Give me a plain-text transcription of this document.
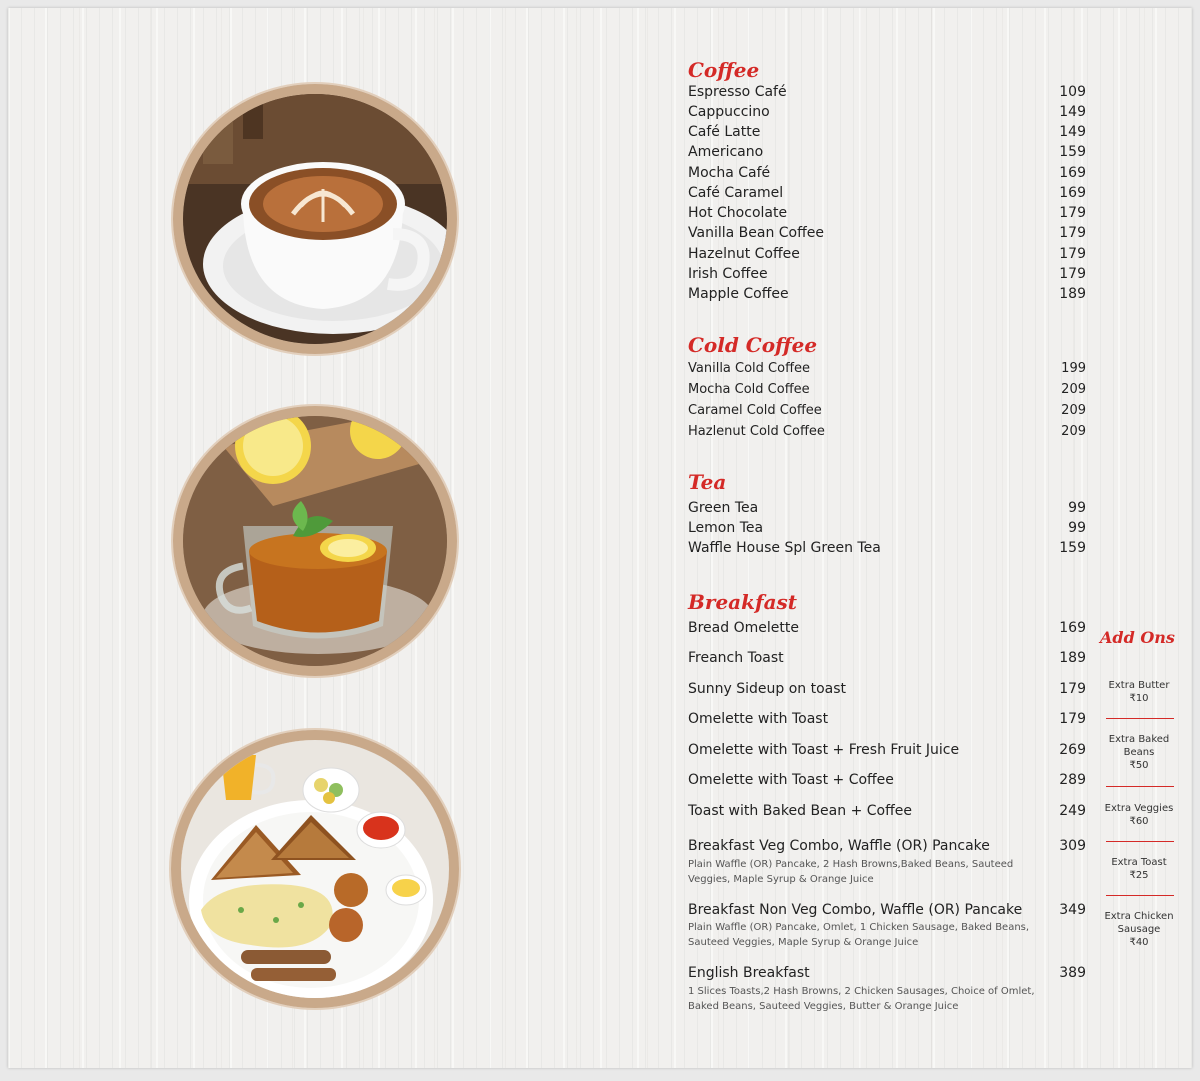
Coffee
Espresso Café	109
Cappuccino	149
Café Latte	149
Americano	159
Mocha Café	169
Café Caramel	169
Hot Chocolate	179
Vanilla Bean Coffee	179
Hazelnut Coffee	179
Irish Coffee	179
Mapple Coffee	189
Cold Coffee
Vanilla Cold Coffee	199
Mocha Cold Coffee	209
Caramel Cold Coffee	209
Hazlenut Cold Coffee	209
Tea
Green Tea	99
Lemon Tea	99
Waffle House Spl Green Tea	159
Breakfast
Bread Omelette	169
Freanch Toast	189
Sunny Sideup on toast	179
Omelette with Toast	179
Omelette with Toast + Fresh Fruit Juice	269
Omelette with Toast + Coffee	289
Toast with Baked Bean + Coffee	249
Breakfast Veg Combo, Waffle (OR) Pancake	309
Plain Waffle (OR) Pancake, 2 Hash Browns,Baked Beans, Sauteed Veggies, Maple Syrup & Orange Juice
Breakfast Non Veg Combo, Waffle (OR) Pancake	349
Plain Waffle (OR) Pancake, Omlet, 1 Chicken Sausage, Baked Beans, Sauteed Veggies, Maple Syrup & Orange Juice
English Breakfast	389
1 Slices Toasts,2 Hash Browns, 2 Chicken Sausages, Choice of Omlet, Baked Beans, Sauteed Veggies, Butter & Orange Juice
Add Ons
Extra Butter
₹10
Extra Baked Beans
₹50
Extra Veggies
₹60
Extra Toast
₹25
Extra Chicken Sausage
₹40
